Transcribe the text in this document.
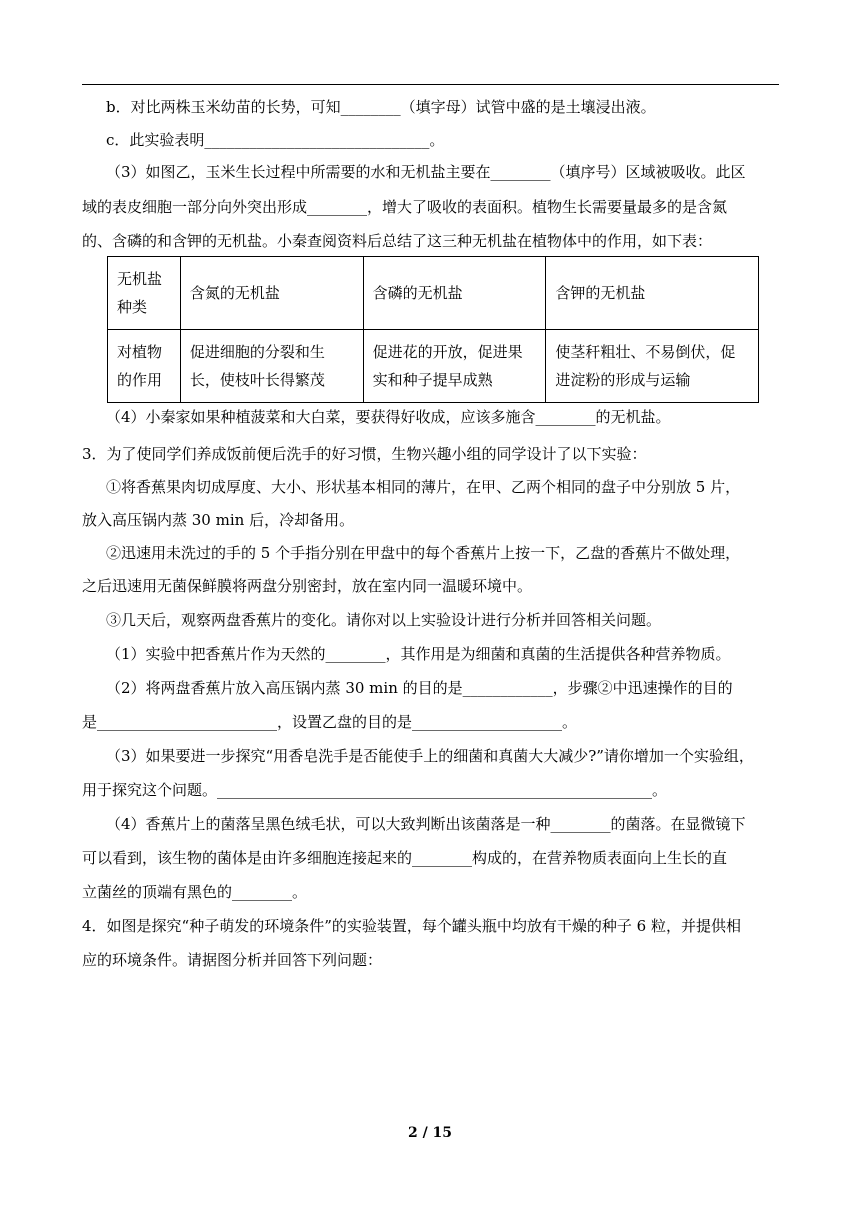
b．对比两株玉米幼苗的长势，可知________（填字母）试管中盛的是土壤浸出液。
c．此实验表明______________________________。
（3）如图乙，玉米生长过程中所需要的水和无机盐主要在________（填序号）区域被吸收。此区
域的表皮细胞一部分向外突出形成________，增大了吸收的表面积。植物生长需要量最多的是含氮
的、含磷的和含钾的无机盐。小秦查阅资料后总结了这三种无机盐在植物体中的作用，如下表：
（4）小秦家如果种植菠菜和大白菜，要获得好收成，应该多施含________的无机盐。
3．为了使同学们养成饭前便后洗手的好习惯，生物兴趣小组的同学设计了以下实验：
①将香蕉果肉切成厚度、大小、形状基本相同的薄片，在甲、乙两个相同的盘子中分别放 5 片，
放入高压锅内蒸 30 min 后，冷却备用。
②迅速用未洗过的手的 5 个手指分别在甲盘中的每个香蕉片上按一下，乙盘的香蕉片不做处理，
之后迅速用无菌保鲜膜将两盘分别密封，放在室内同一温暖环境中。
③几天后，观察两盘香蕉片的变化。请你对以上实验设计进行分析并回答相关问题。
（1）实验中把香蕉片作为天然的________，其作用是为细菌和真菌的生活提供各种营养物质。
（2）将两盘香蕉片放入高压锅内蒸 30 min 的目的是____________，步骤②中迅速操作的目的
是________________________，设置乙盘的目的是____________________。
（3）如果要进一步探究“用香皂洗手是否能使手上的细菌和真菌大大减少?”请你增加一个实验组，
用于探究这个问题。__________________________________________________________。
（4）香蕉片上的菌落呈黑色绒毛状，可以大致判断出该菌落是一种________的菌落。在显微镜下
可以看到，该生物的菌体是由许多细胞连接起来的________构成的，在营养物质表面向上生长的直
立菌丝的顶端有黑色的________。
4．如图是探究“种子萌发的环境条件”的实验装置，每个罐头瓶中均放有干燥的种子 6 粒，并提供相
应的环境条件。请据图分析并回答下列问题：
无机盐种类	含氮的无机盐	含磷的无机盐	含钾的无机盐
对植物的作用	促进细胞的分裂和生长，使枝叶长得繁茂	促进花的开放，促进果实和种子提早成熟	使茎秆粗壮、不易倒伏，促进淀粉的形成与运输
2 / 15
